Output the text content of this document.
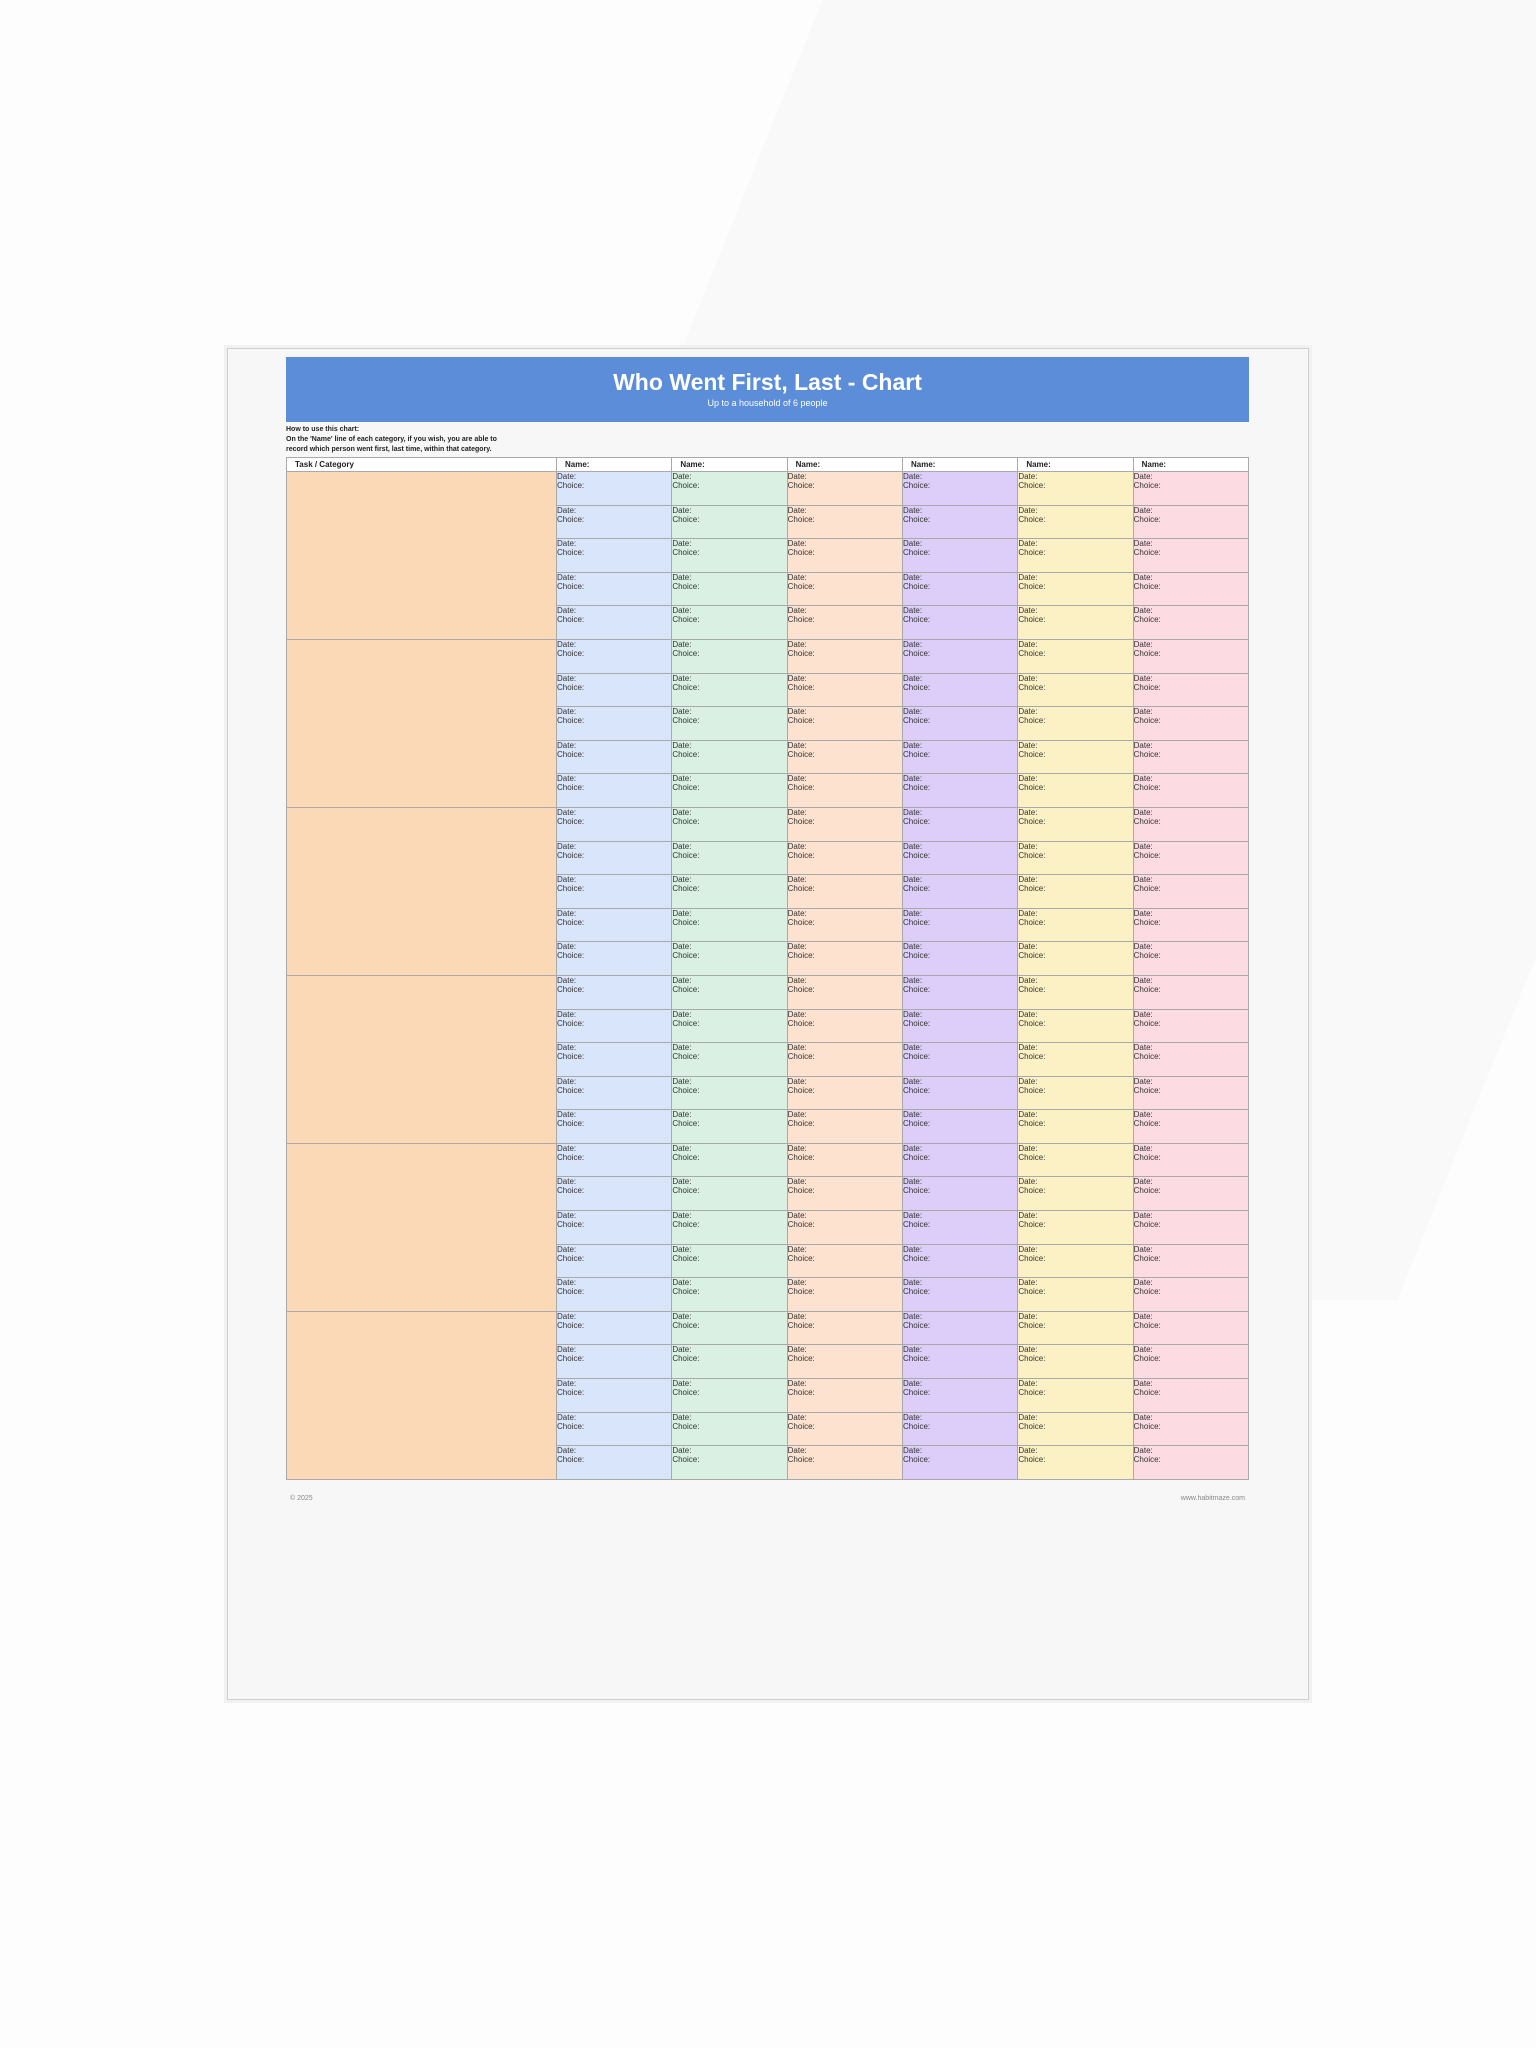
Who Went First, Last - Chart
Up to a household of 6 people
How to use this chart:
On the 'Name' line of each category, if you wish, you are able to
record which person went first, last time, within that category.
Task / Category	Name:	Name:	Name:	Name:	Name:	Name:

	Date:
Choice:	Date:
Choice:	Date:
Choice:	Date:
Choice:	Date:
Choice:	Date:
Choice:

	Date:
Choice:	Date:
Choice:	Date:
Choice:	Date:
Choice:	Date:
Choice:	Date:
Choice:

	Date:
Choice:	Date:
Choice:	Date:
Choice:	Date:
Choice:	Date:
Choice:	Date:
Choice:

	Date:
Choice:	Date:
Choice:	Date:
Choice:	Date:
Choice:	Date:
Choice:	Date:
Choice:

	Date:
Choice:	Date:
Choice:	Date:
Choice:	Date:
Choice:	Date:
Choice:	Date:
Choice:

	Date:
Choice:	Date:
Choice:	Date:
Choice:	Date:
Choice:	Date:
Choice:	Date:
Choice:

	Date:
Choice:	Date:
Choice:	Date:
Choice:	Date:
Choice:	Date:
Choice:	Date:
Choice:

	Date:
Choice:	Date:
Choice:	Date:
Choice:	Date:
Choice:	Date:
Choice:	Date:
Choice:

	Date:
Choice:	Date:
Choice:	Date:
Choice:	Date:
Choice:	Date:
Choice:	Date:
Choice:

	Date:
Choice:	Date:
Choice:	Date:
Choice:	Date:
Choice:	Date:
Choice:	Date:
Choice:

	Date:
Choice:	Date:
Choice:	Date:
Choice:	Date:
Choice:	Date:
Choice:	Date:
Choice:

	Date:
Choice:	Date:
Choice:	Date:
Choice:	Date:
Choice:	Date:
Choice:	Date:
Choice:

	Date:
Choice:	Date:
Choice:	Date:
Choice:	Date:
Choice:	Date:
Choice:	Date:
Choice:

	Date:
Choice:	Date:
Choice:	Date:
Choice:	Date:
Choice:	Date:
Choice:	Date:
Choice:

	Date:
Choice:	Date:
Choice:	Date:
Choice:	Date:
Choice:	Date:
Choice:	Date:
Choice:

	Date:
Choice:	Date:
Choice:	Date:
Choice:	Date:
Choice:	Date:
Choice:	Date:
Choice:

	Date:
Choice:	Date:
Choice:	Date:
Choice:	Date:
Choice:	Date:
Choice:	Date:
Choice:

	Date:
Choice:	Date:
Choice:	Date:
Choice:	Date:
Choice:	Date:
Choice:	Date:
Choice:

	Date:
Choice:	Date:
Choice:	Date:
Choice:	Date:
Choice:	Date:
Choice:	Date:
Choice:

	Date:
Choice:	Date:
Choice:	Date:
Choice:	Date:
Choice:	Date:
Choice:	Date:
Choice:

	Date:
Choice:	Date:
Choice:	Date:
Choice:	Date:
Choice:	Date:
Choice:	Date:
Choice:

	Date:
Choice:	Date:
Choice:	Date:
Choice:	Date:
Choice:	Date:
Choice:	Date:
Choice:

	Date:
Choice:	Date:
Choice:	Date:
Choice:	Date:
Choice:	Date:
Choice:	Date:
Choice:

	Date:
Choice:	Date:
Choice:	Date:
Choice:	Date:
Choice:	Date:
Choice:	Date:
Choice:

	Date:
Choice:	Date:
Choice:	Date:
Choice:	Date:
Choice:	Date:
Choice:	Date:
Choice:

	Date:
Choice:	Date:
Choice:	Date:
Choice:	Date:
Choice:	Date:
Choice:	Date:
Choice:

	Date:
Choice:	Date:
Choice:	Date:
Choice:	Date:
Choice:	Date:
Choice:	Date:
Choice:

	Date:
Choice:	Date:
Choice:	Date:
Choice:	Date:
Choice:	Date:
Choice:	Date:
Choice:

	Date:
Choice:	Date:
Choice:	Date:
Choice:	Date:
Choice:	Date:
Choice:	Date:
Choice:

	Date:
Choice:	Date:
Choice:	Date:
Choice:	Date:
Choice:	Date:
Choice:	Date:
Choice:
© 2025	www.habitmaze.com
